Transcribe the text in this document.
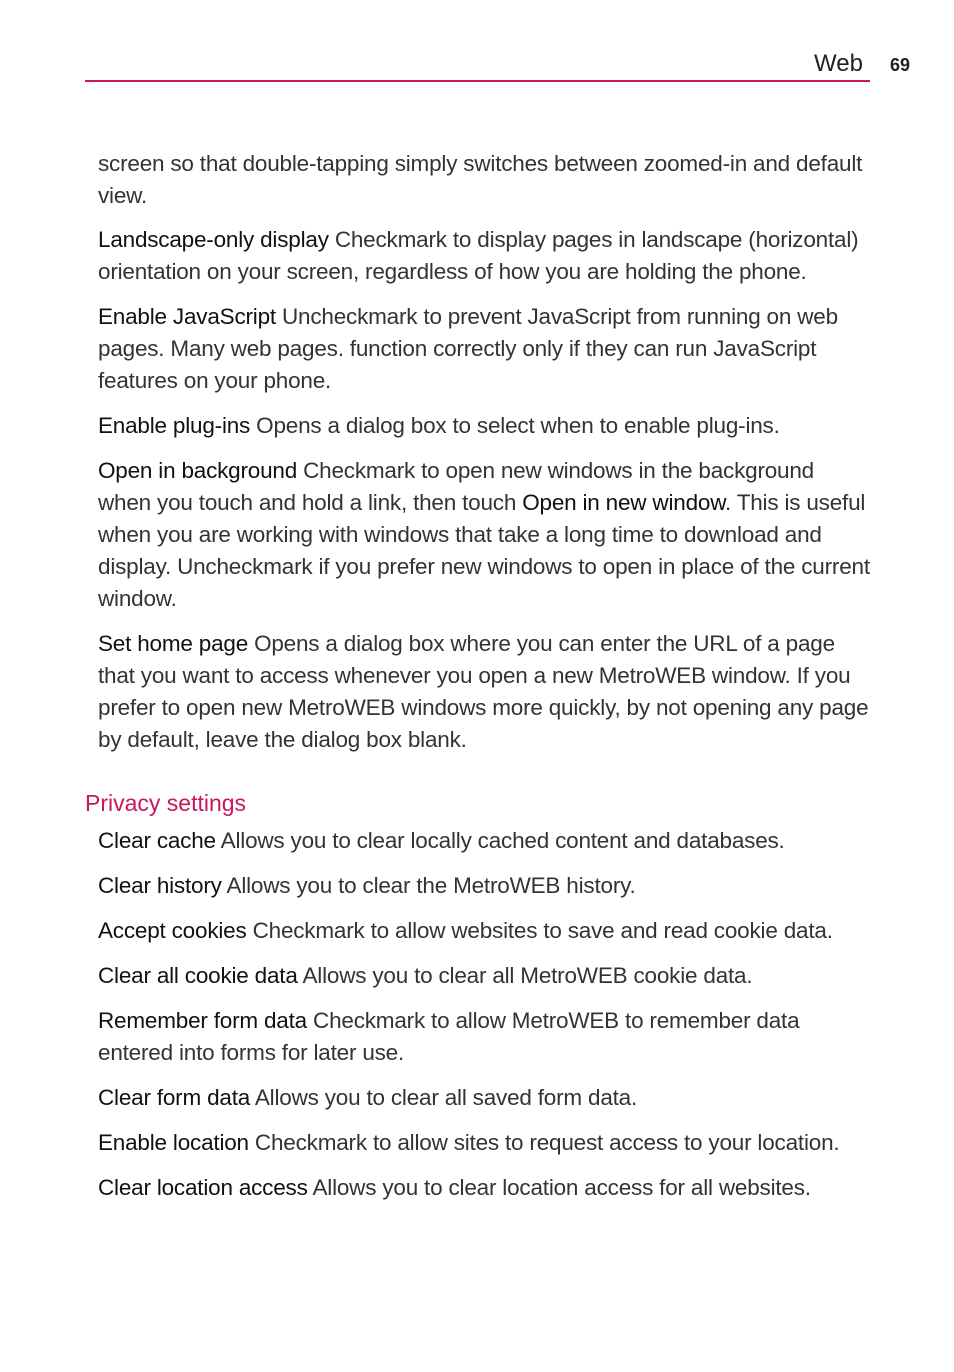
Web 69

screen so that double-tapping simply switches between zoomed-in and default view.

Landscape-only display Checkmark to display pages in landscape (horizontal) orientation on your screen, regardless of how you are holding the phone.

Enable JavaScript Uncheckmark to prevent JavaScript from running on web pages. Many web pages. function correctly only if they can run JavaScript features on your phone.

Enable plug-ins Opens a dialog box to select when to enable plug-ins.

Open in background Checkmark to open new windows in the background when you touch and hold a link, then touch Open in new window. This is useful when you are working with windows that take a long time to download and display. Uncheckmark if you prefer new windows to open in place of the current window.

Set home page Opens a dialog box where you can enter the URL of a page that you want to access whenever you open a new MetroWEB window. If you prefer to open new MetroWEB windows more quickly, by not opening any page by default, leave the dialog box blank.

Privacy settings

Clear cache Allows you to clear locally cached content and databases.

Clear history Allows you to clear the MetroWEB history.

Accept cookies Checkmark to allow websites to save and read cookie data.

Clear all cookie data Allows you to clear all MetroWEB cookie data.

Remember form data Checkmark to allow MetroWEB to remember data entered into forms for later use.

Clear form data Allows you to clear all saved form data.

Enable location Checkmark to allow sites to request access to your location.

Clear location access Allows you to clear location access for all websites.
